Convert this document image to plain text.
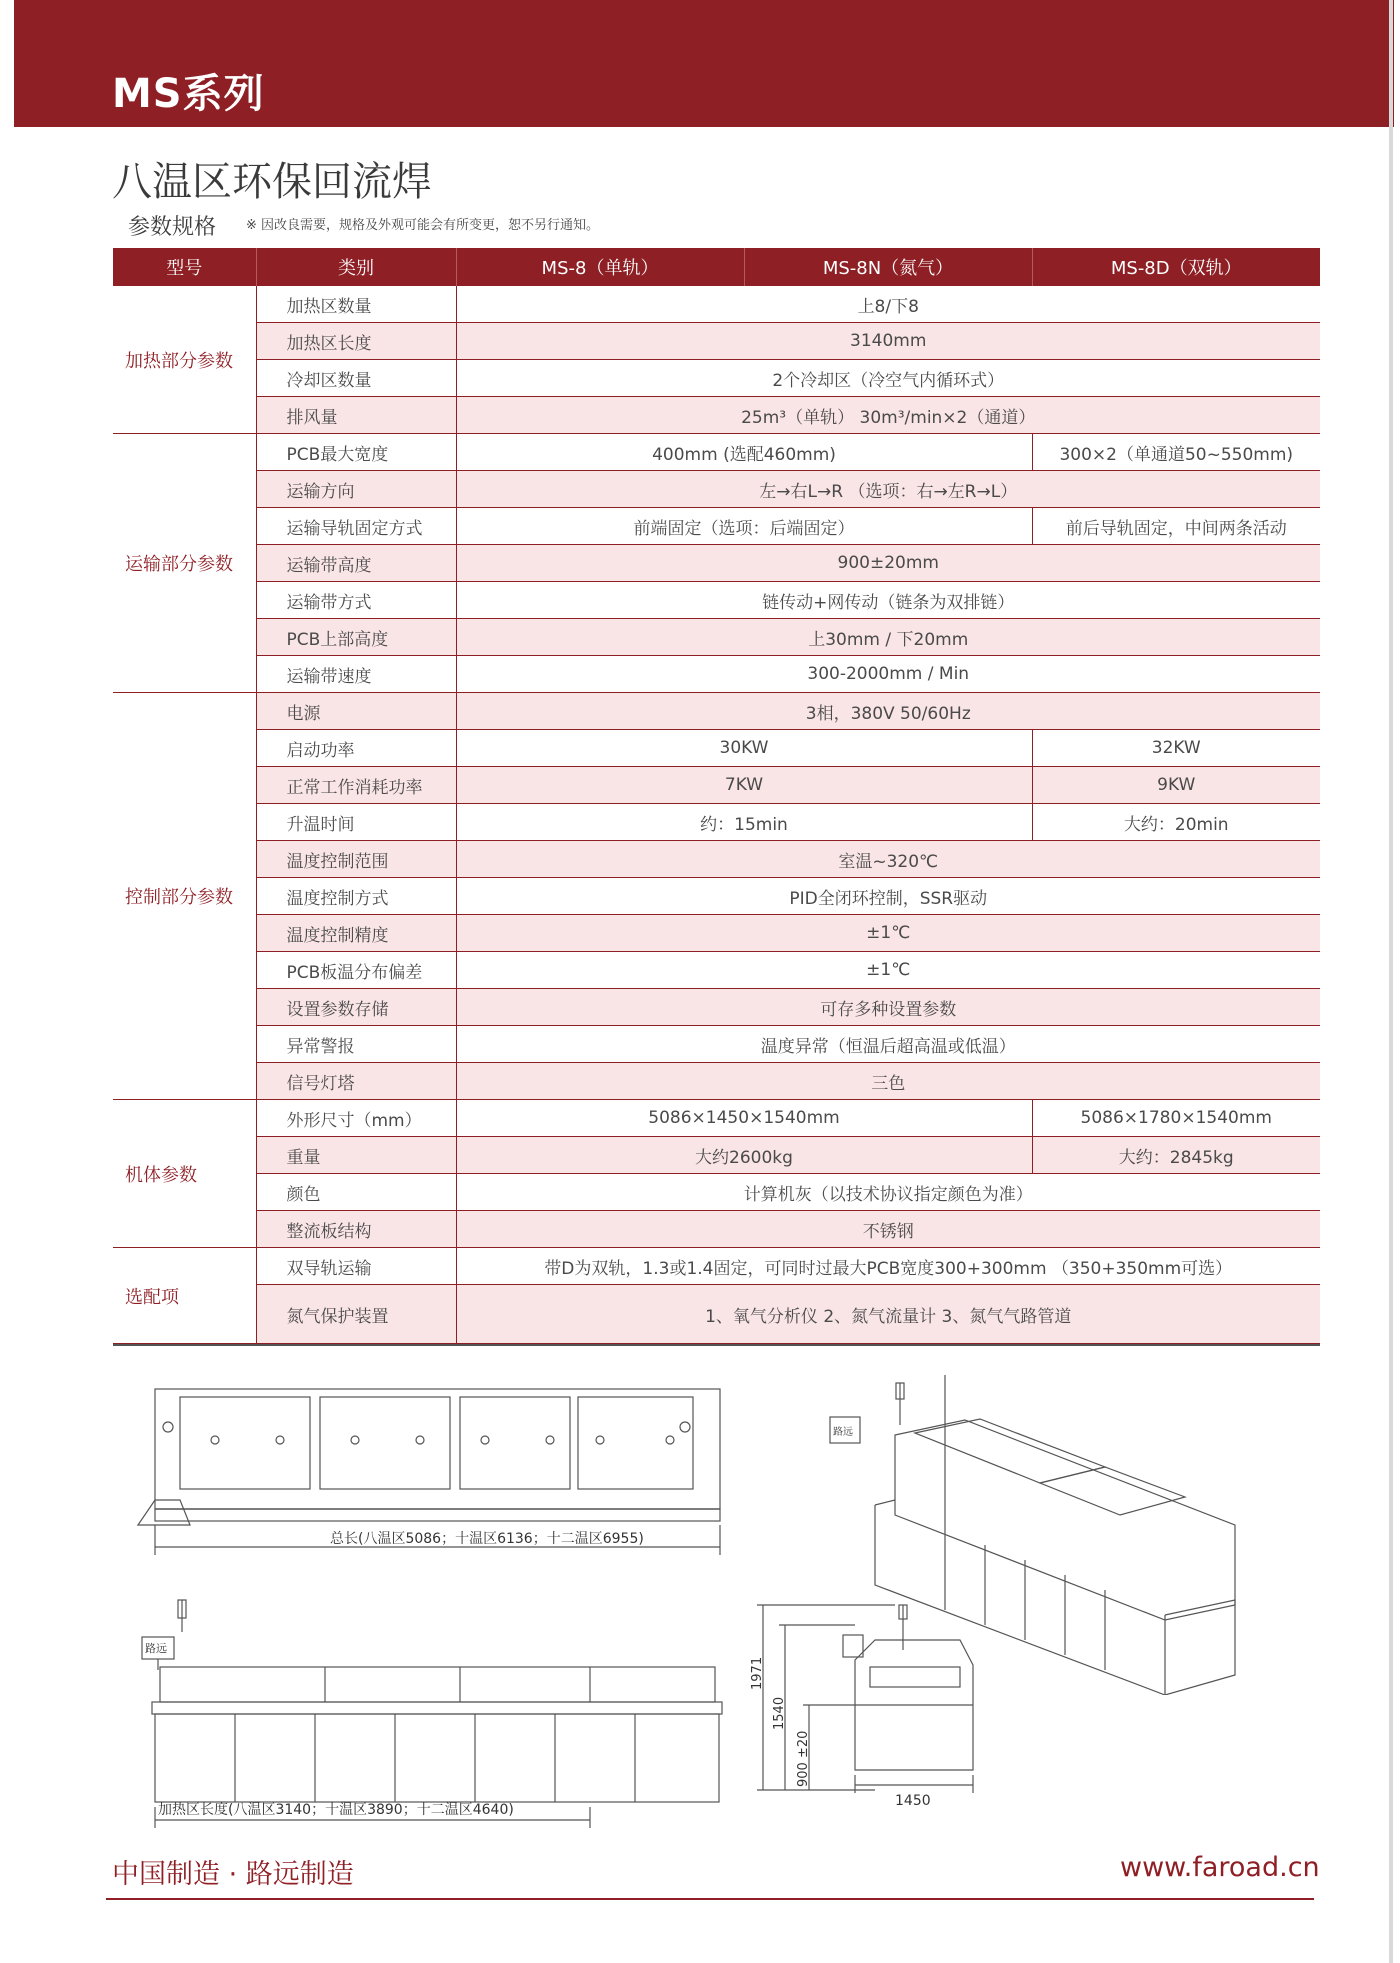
MS系列
八温区环保回流焊
参数规格 ※ 因改良需要，规格及外观可能会有所变更，恕不另行通知。
型号	类别	MS-8（单轨）	MS-8N（氮气）	MS-8D（双轨）
加热部分参数	加热区数量	上8/下8		
	加热区长度	3140mm		
	冷却区数量	2个冷却区（冷空气内循环式）		
	排风量	25m³（单轨） 30m³/min×2（通道）		
运输部分参数	PCB最大宽度	400mm (选配460mm)		300×2（单通道50~550mm)
	运输方向	左→右L→R （选项：右→左R→L）		
	运输导轨固定方式	前端固定（选项：后端固定）		前后导轨固定，中间两条活动
	运输带高度	900±20mm		
	运输带方式	链传动+网传动（链条为双排链）		
	PCB上部高度	上30mm / 下20mm		
	运输带速度	300-2000mm / Min		
控制部分参数	电源	3相，380V 50/60Hz		
	启动功率	30KW		32KW
	正常工作消耗功率	7KW		9KW
	升温时间	约：15min		大约：20min
	温度控制范围	室温~320℃		
	温度控制方式	PID全闭环控制，SSR驱动		
	温度控制精度	±1℃		
	PCB板温分布偏差	±1℃		
	设置参数存储	可存多种设置参数		
	异常警报	温度异常（恒温后超高温或低温）		
	信号灯塔	三色		
机体参数	外形尺寸（mm）	5086×1450×1540mm		5086×1780×1540mm
	重量	大约2600kg		大约：2845kg
	颜色	计算机灰（以技术协议指定颜色为准）		
	整流板结构	不锈钢		
选配项	双导轨运输	带D为双轨，1.3或1.4固定，可同时过最大PCB宽度300+300mm （350+350mm可选）		
	氮气保护装置	1、氧气分析仪 2、氮气流量计 3、氮气气路管道		
总长(八温区5086；十温区6136；十二温区6955)
路远
加热区长度(八温区3140；十温区3890；十二温区4640)
路远
1971
1540
900 ±20
1450
中国制造 · 路远制造	www.faroad.cn
